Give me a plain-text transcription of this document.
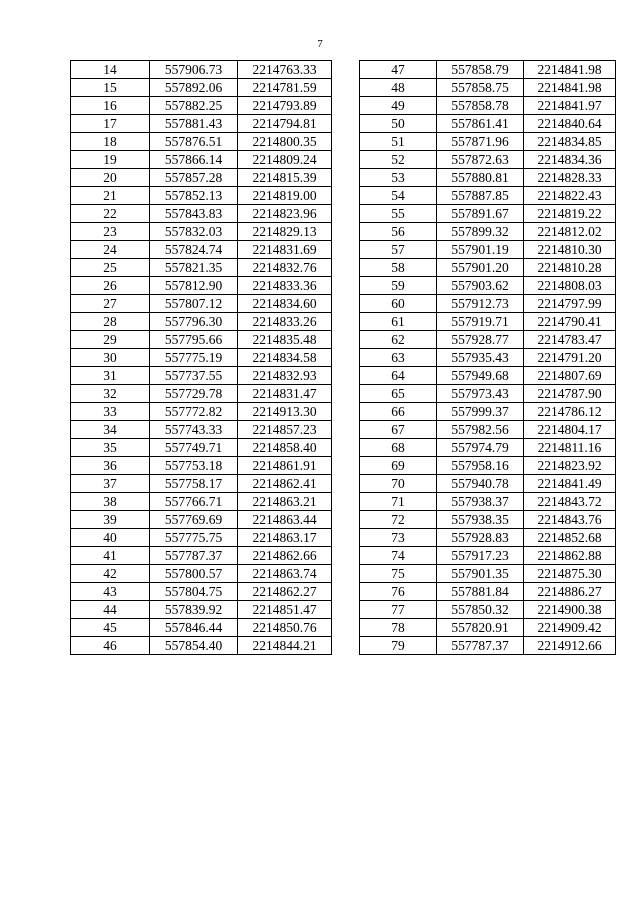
7
14	557906.73	2214763.33
15	557892.06	2214781.59
16	557882.25	2214793.89
17	557881.43	2214794.81
18	557876.51	2214800.35
19	557866.14	2214809.24
20	557857.28	2214815.39
21	557852.13	2214819.00
22	557843.83	2214823.96
23	557832.03	2214829.13
24	557824.74	2214831.69
25	557821.35	2214832.76
26	557812.90	2214833.36
27	557807.12	2214834.60
28	557796.30	2214833.26
29	557795.66	2214835.48
30	557775.19	2214834.58
31	557737.55	2214832.93
32	557729.78	2214831.47
33	557772.82	2214913.30
34	557743.33	2214857.23
35	557749.71	2214858.40
36	557753.18	2214861.91
37	557758.17	2214862.41
38	557766.71	2214863.21
39	557769.69	2214863.44
40	557775.75	2214863.17
41	557787.37	2214862.66
42	557800.57	2214863.74
43	557804.75	2214862.27
44	557839.92	2214851.47
45	557846.44	2214850.76
46	557854.40	2214844.21
47	557858.79	2214841.98
48	557858.75	2214841.98
49	557858.78	2214841.97
50	557861.41	2214840.64
51	557871.96	2214834.85
52	557872.63	2214834.36
53	557880.81	2214828.33
54	557887.85	2214822.43
55	557891.67	2214819.22
56	557899.32	2214812.02
57	557901.19	2214810.30
58	557901.20	2214810.28
59	557903.62	2214808.03
60	557912.73	2214797.99
61	557919.71	2214790.41
62	557928.77	2214783.47
63	557935.43	2214791.20
64	557949.68	2214807.69
65	557973.43	2214787.90
66	557999.37	2214786.12
67	557982.56	2214804.17
68	557974.79	2214811.16
69	557958.16	2214823.92
70	557940.78	2214841.49
71	557938.37	2214843.72
72	557938.35	2214843.76
73	557928.83	2214852.68
74	557917.23	2214862.88
75	557901.35	2214875.30
76	557881.84	2214886.27
77	557850.32	2214900.38
78	557820.91	2214909.42
79	557787.37	2214912.66
